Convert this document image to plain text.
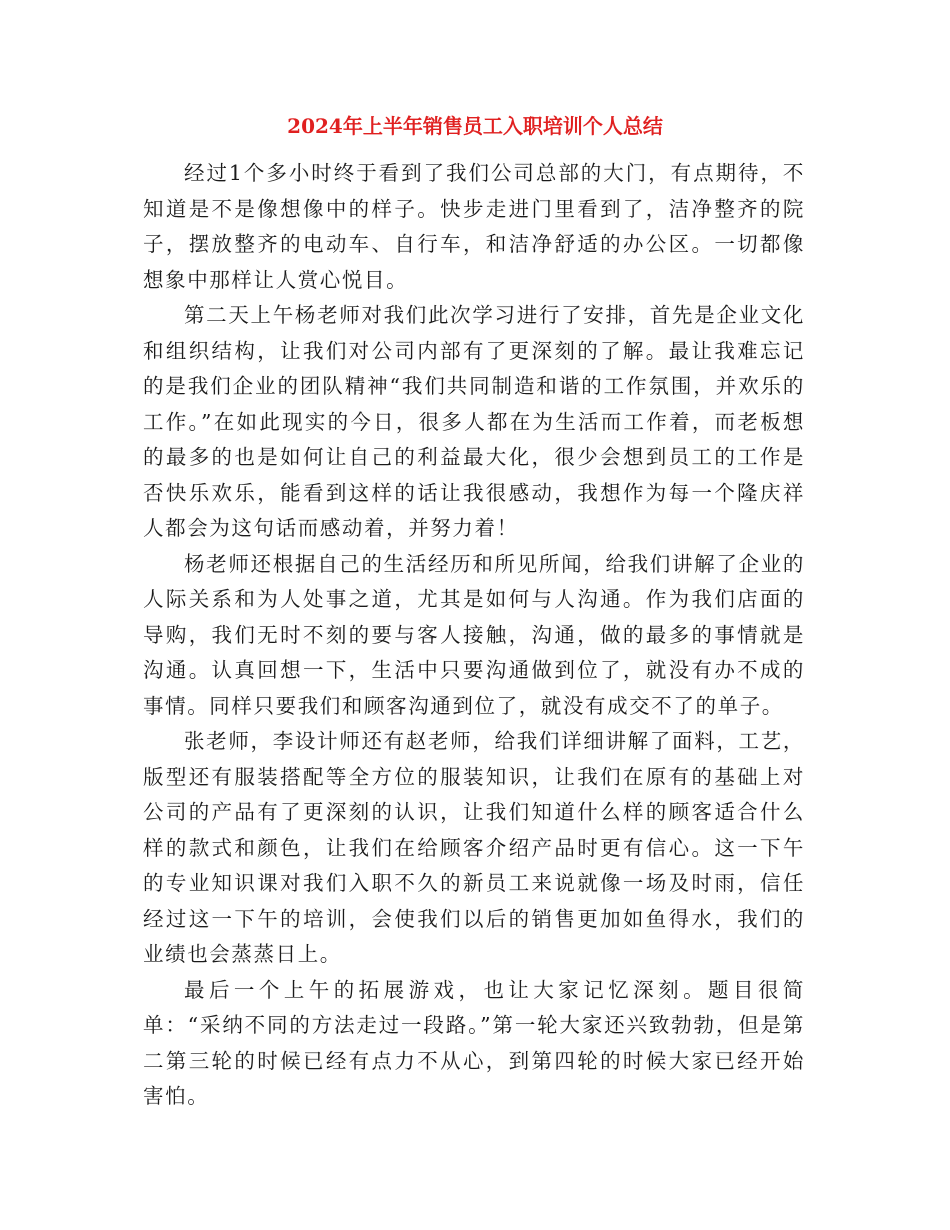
2024年上半年销售员工入职培训个人总结

经过1个多小时终于看到了我们公司总部的大门，有点期待，不知道是不是像想像中的样子。快步走进门里看到了，洁净整齐的院子，摆放整齐的电动车、自行车，和洁净舒适的办公区。一切都像想象中那样让人赏心悦目。

第二天上午杨老师对我们此次学习进行了安排，首先是企业文化和组织结构，让我们对公司内部有了更深刻的了解。最让我难忘记的是我们企业的团队精神“我们共同制造和谐的工作氛围，并欢乐的工作。”在如此现实的今日，很多人都在为生活而工作着，而老板想的最多的也是如何让自己的利益最大化，很少会想到员工的工作是否快乐欢乐，能看到这样的话让我很感动，我想作为每一个隆庆祥人都会为这句话而感动着，并努力着！

杨老师还根据自己的生活经历和所见所闻，给我们讲解了企业的人际关系和为人处事之道，尤其是如何与人沟通。作为我们店面的导购，我们无时不刻的要与客人接触，沟通，做的最多的事情就是沟通。认真回想一下，生活中只要沟通做到位了，就没有办不成的事情。同样只要我们和顾客沟通到位了，就没有成交不了的单子。

张老师，李设计师还有赵老师，给我们详细讲解了面料，工艺，版型还有服装搭配等全方位的服装知识，让我们在原有的基础上对公司的产品有了更深刻的认识，让我们知道什么样的顾客适合什么样的款式和颜色，让我们在给顾客介绍产品时更有信心。这一下午的专业知识课对我们入职不久的新员工来说就像一场及时雨，信任经过这一下午的培训，会使我们以后的销售更加如鱼得水，我们的业绩也会蒸蒸日上。

最后一个上午的拓展游戏，也让大家记忆深刻。题目很简单：“采纳不同的方法走过一段路。”第一轮大家还兴致勃勃，但是第二第三轮的时候已经有点力不从心，到第四轮的时候大家已经开始害怕。
